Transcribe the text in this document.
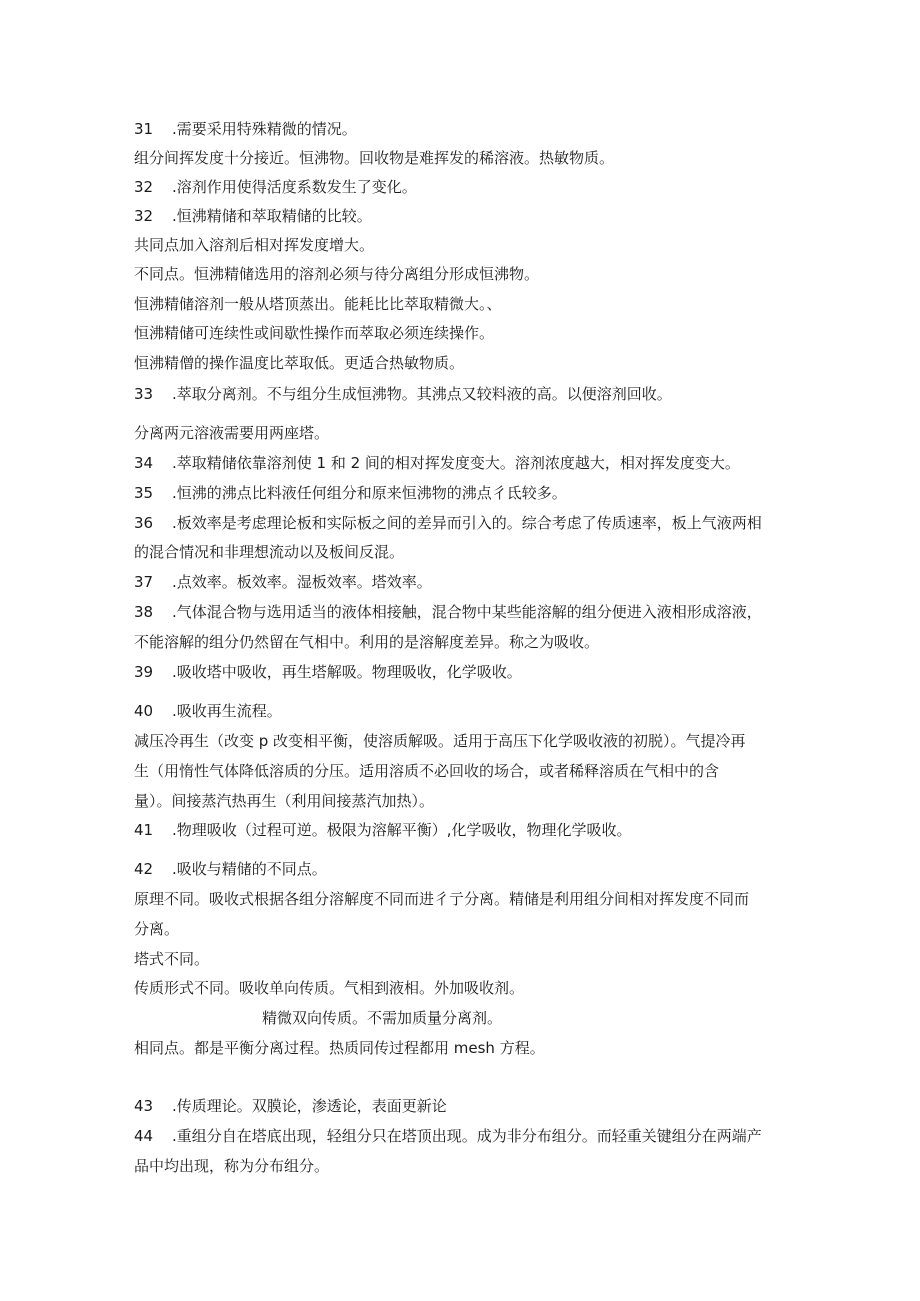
31 .需要采用特殊精微的情况。
组分间挥发度十分接近。恒沸物。回收物是难挥发的稀溶液。热敏物质。
32 .溶剂作用使得活度系数发生了变化。
32 .恒沸精储和萃取精储的比较。
共同点加入溶剂后相对挥发度增大。
不同点。恒沸精储选用的溶剂必须与待分离组分形成恒沸物。
恒沸精储溶剂一般从塔顶蒸出。能耗比比萃取精微大。、
恒沸精储可连续性或间歇性操作而萃取必须连续操作。
恒沸精僧的操作温度比萃取低。更适合热敏物质。
33 .萃取分离剂。不与组分生成恒沸物。其沸点又较料液的高。以便溶剂回收。
分离两元溶液需要用两座塔。
34 .萃取精储依靠溶剂使 1 和 2 间的相对挥发度变大。溶剂浓度越大，相对挥发度变大。
35 .恒沸的沸点比料液任何组分和原来恒沸物的沸点彳氐较多。
36 .板效率是考虑理论板和实际板之间的差异而引入的。综合考虑了传质速率，板上气液两相
的混合情况和非理想流动以及板间反混。
37 .点效率。板效率。湿板效率。塔效率。
38 .气体混合物与选用适当的液体相接触，混合物中某些能溶解的组分便进入液相形成溶液，
不能溶解的组分仍然留在气相中。利用的是溶解度差异。称之为吸收。
39 .吸收塔中吸收，再生塔解吸。物理吸收，化学吸收。
40 .吸收再生流程。
减压冷再生（改变 p 改变相平衡，使溶质解吸。适用于高压下化学吸收液的初脱）。气提冷再
生（用惰性气体降低溶质的分压。适用溶质不必回收的场合，或者稀释溶质在气相中的含
量）。间接蒸汽热再生（利用间接蒸汽加热）。
41 .物理吸收（过程可逆。极限为溶解平衡）,化学吸收，物理化学吸收。
42 .吸收与精储的不同点。
原理不同。吸收式根据各组分溶解度不同而进彳亍分离。精储是利用组分间相对挥发度不同而
分离。
塔式不同。
传质形式不同。吸收单向传质。气相到液相。外加吸收剂。
精微双向传质。不需加质量分离剂。
相同点。都是平衡分离过程。热质同传过程都用 mesh 方程。
43 .传质理论。双膜论，渗透论，表面更新论
44 .重组分自在塔底出现，轻组分只在塔顶出现。成为非分布组分。而轻重关键组分在两端产
品中均出现，称为分布组分。
